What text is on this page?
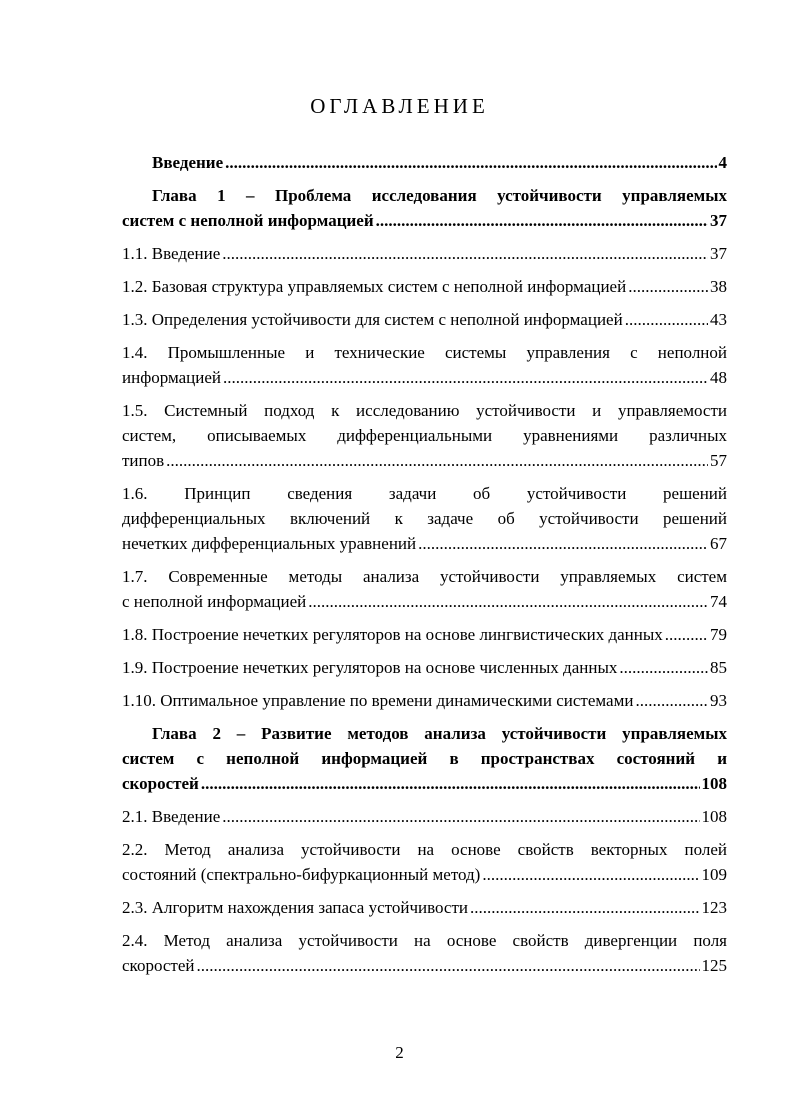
ОГЛАВЛЕНИЕ
Введение .....	4
Глава 1 – Проблема исследования устойчивости управляемых
систем с неполной информацией .....	37
1.1. Введение .....	37
1.2. Базовая структура управляемых систем с неполной информацией .....	38
1.3. Определения устойчивости для систем с неполной информацией .....	43
1.4. Промышленные и технические системы управления с неполной
информацией .....	48
1.5. Системный подход к исследованию устойчивости и управляемости
систем, описываемых дифференциальными уравнениями различных
типов .....	57
1.6. Принцип сведения задачи об устойчивости решений
дифференциальных включений к задаче об устойчивости решений
нечетких дифференциальных уравнений .....	67
1.7. Современные методы анализа устойчивости управляемых систем
с неполной информацией .....	74
1.8. Построение нечетких регуляторов на основе лингвистических данных .....	79
1.9. Построение нечетких регуляторов на основе численных данных .....	85
1.10. Оптимальное управление по времени динамическими системами .....	93
Глава 2 – Развитие методов анализа устойчивости управляемых
систем с неполной информацией в пространствах состояний и
скоростей .....	108
2.1. Введение .....	108
2.2. Метод анализа устойчивости на основе свойств векторных полей
состояний (спектрально-бифуркационный метод) .....	109
2.3. Алгоритм нахождения запаса устойчивости .....	123
2.4. Метод анализа устойчивости на основе свойств дивергенции поля
скоростей .....	125
2
